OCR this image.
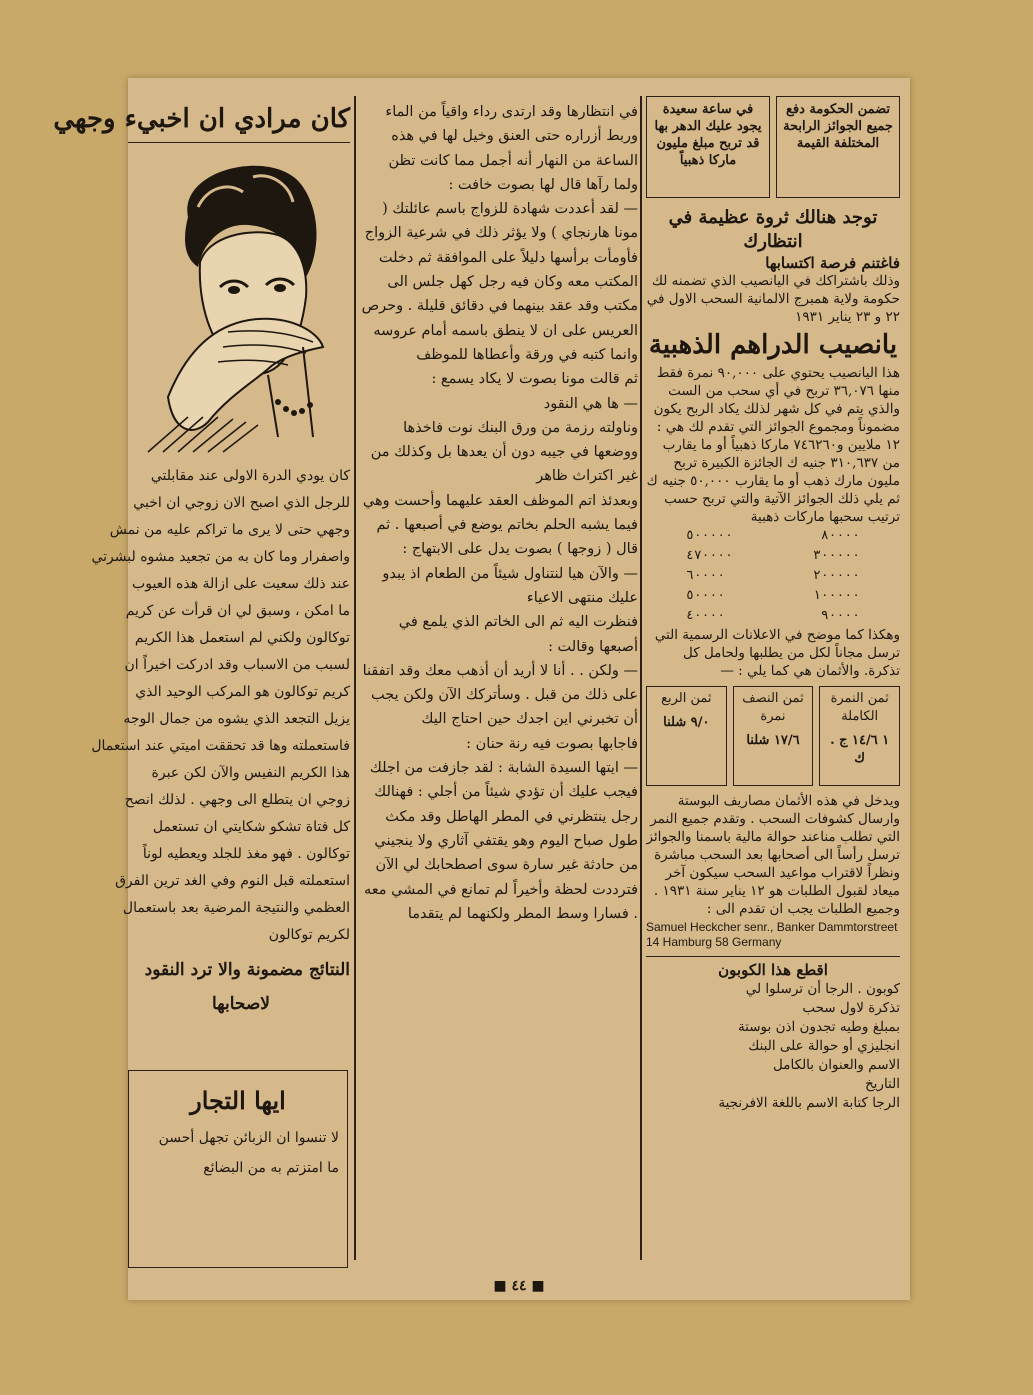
تضمن الحكومة دفع جميع الجوائز الرابحة المختلفة القيمة
في ساعة سعيدة يجود عليك الدهر بها قد تربح مبلغ مليون ماركا ذهبياً

توجد هنالك ثروة عظيمة في انتظارك

فاغتنم فرصة اكتسابها

وذلك باشتراكك في اليانصيب الذي تضمنه لك حكومة ولاية همبرج الالمانية السحب الاول في ٢٢ و ٢٣ يناير ١٩٣١

يانصيب الدراهم الذهبية

هذا اليانصيب يحتوي على ٩٠,٠٠٠ نمرة فقط منها ٣٦,٠٧٦ تربح في أي سحب من الست والذي يتم في كل شهر لذلك يكاد الربح يكون مضموناً ومجموع الجوائز التي تقدم لك هي : ١٢ ملايين و٧٤٦٢٦٠ ماركا ذهبياً أو ما يقارب من ٣١٠,٦٣٧ جنيه ك الجائزة الكبيرة تربح مليون مارك ذهب أو ما يقارب ٥٠,٠٠٠ جنيه ك ثم يلي ذلك الجوائز الآتية والتي تربح حسب ترتيب سحبها ماركات ذهبية

٥٠٠٠٠٠	٨٠٠٠٠
٤٧٠٠٠٠	٣٠٠٠٠٠
٦٠٠٠٠	٢٠٠٠٠٠
٥٠٠٠٠	١٠٠٠٠٠
٤٠٠٠٠	٩٠٠٠٠

وهكذا كما موضح في الاعلانات الرسمية التي ترسل مجاناً لكل من يطلبها ولحامل كل تذكرة. والأثمان هي كما يلي : —

ثمن النمرة الكاملة
١ ١٤/٦ ج . ك
ثمن النصف نمرة
١٧/٦ شلنا
ثمن الربع
٩/٠ شلنا

ويدخل في هذه الأثمان مصاريف البوستة وارسال كشوفات السحب . وتقدم جميع النمر التي تطلب مناعند حوالة مالية باسمنا والجوائز ترسل رأساً الى أصحابها بعد السحب مباشرة ونظراً لاقتراب مواعيد السحب سيكون آخر ميعاد لقبول الطلبات هو ١٢ يناير سنة ١٩٣١ . وجميع الطلبات يجب ان تقدم الى :

Samuel Heckcher senr., Banker Dammtorstreet 14 Hamburg 58 Germany

اقطع هذا الكوبون

كوبون . الرجا أن ترسلوا لي

تذكرة لاول سحب

بمبلغ وطيه تجدون اذن بوستة

انجليزي أو حوالة على البنك

الاسم والعنوان بالكامل

التاريخ

الرجا كتابة الاسم باللغة الافرنجية

في انتظارها وقد ارتدى رداء واقياً من الماء وربط أزراره حتى العنق وخيل لها في هذه الساعة من النهار أنه أجمل مما كانت تظن

ولما رآها قال لها بصوت خافت :

— لقد أعددت شهادة للزواج باسم عائلتك ( مونا هارنجاي ) ولا يؤثر ذلك في شرعية الزواج

فأومأت برأسها دليلاً على الموافقة ثم دخلت المكتب معه وكان فيه رجل كهل جلس الى مكتب وقد عقد بينهما في دقائق قليلة . وحرص العريس على ان لا ينطق باسمه أمام عروسه وانما كتبه في ورقة وأعطاها للموظف

ثم قالت مونا بصوت لا يكاد يسمع :

— ها هي النقود

وناولته رزمة من ورق البنك نوت فاخذها ووضعها في جيبه دون أن يعدها بل وكذلك من غير اكتراث ظاهر

وبعدئذ اتم الموظف العقد عليهما وأحست وهي فيما يشبه الحلم بخاتم يوضع في أصبعها . ثم قال ( زوجها ) بصوت يدل على الابتهاج :

— والآن هيا لنتناول شيئاً من الطعام اذ يبدو عليك منتهى الاعياء

فنظرت اليه ثم الى الخاتم الذي يلمع في أصبعها وقالت :

— ولكن . . أنا لا أريد أن أذهب معك وقد اتفقنا على ذلك من قبل . وسأتركك الآن ولكن يجب أن تخبرني اين اجدك حين احتاج اليك

فاجابها بصوت فيه رنة حنان :

— ايتها السيدة الشابة : لقد جازفت من اجلك فيجب عليك أن تؤدي شيئاً من أجلي : فهنالك رجل ينتظرني في المطر الهاطل وقد مكث طول صباح اليوم وهو يقتفي آثاري ولا ينجيني من حادثة غير سارة سوى اصطحابك لي الآن

فترددت لحظة وأخيراً لم تمانع في المشي معه . فسارا وسط المطر ولكنهما لم يتقدما

كان مرادي ان اخبيء وجهي

كان يودي الدرة الاولى عند مقابلتي

للرجل الذي اصبح الان زوجي ان اخبي

وجهي حتى لا يرى ما تراكم عليه من نمش

واصفرار وما كان به من تجعيد مشوه لبشرتي

عند ذلك سعيت على ازالة هذه العيوب

ما امكن ، وسبق لي ان قرأت عن كريم

توكالون ولكني لم استعمل هذا الكريم

لسبب من الاسباب وقد ادركت اخيراً ان

كريم توكالون هو المركب الوحيد الذي

يزيل التجعد الذي يشوه من جمال الوجه

فاستعملته وها قد تحققت اميتي عند استعمال

هذا الكريم النفيس والآن لكن عبرة

زوجي ان يتطلع الى وجهي . لذلك انصح

كل فتاة تشكو شكايتي ان تستعمل

توكالون . فهو مغذ للجلد ويعطيه لوناً

استعملته قبل النوم وفي الغد ترين الفرق

العظمي والنتيجة المرضية بعد باستعمال

لكريم توكالون

النتائج مضمونة والا ترد النقود

لاصحابها

ايها التجار

لا تنسوا ان الزبائن تجهل أحسن

ما امتزتم به من البضائع

■ ٤٤ ■
